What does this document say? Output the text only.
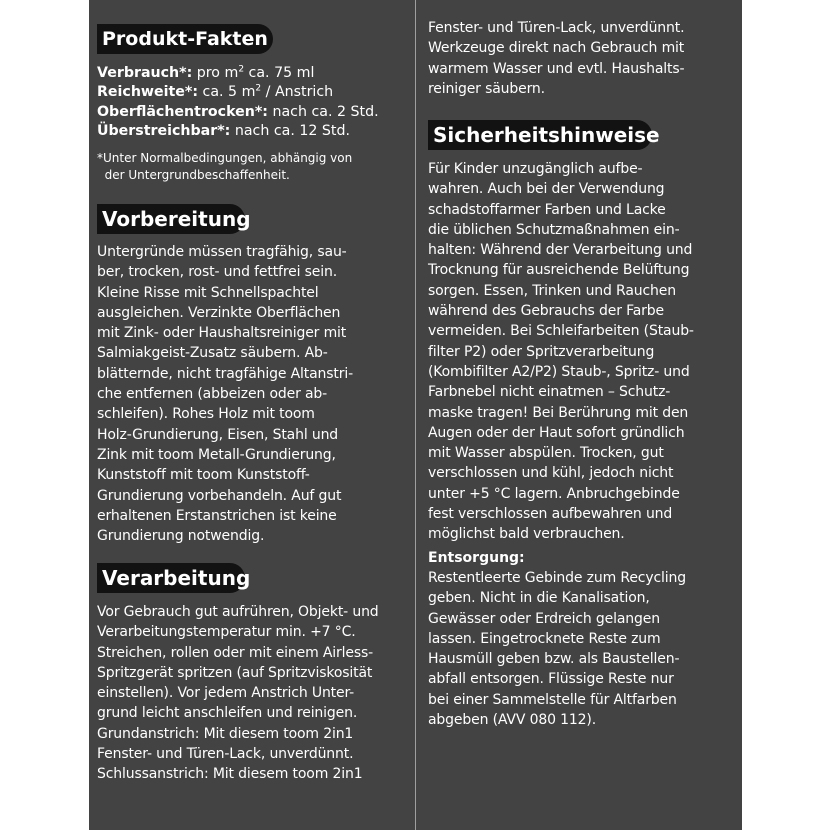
Produkt-Fakten
Verbrauch*: pro $m^2$ ca. 75 ml
Reichweite*: ca. 5 $m^2$ / Anstrich
Oberflächentrocken*: nach ca. 2 Std.
Überstreichbar*: nach ca. 12 Std.
*Unter Normalbedingungen, abhängig von
der Untergrundbeschaffenheit.
Vorbereitung
Untergründe müssen tragfähig, sau-
ber, trocken, rost- und fettfrei sein.
Kleine Risse mit Schnellspachtel
ausgleichen. Verzinkte Oberflächen
mit Zink- oder Haushaltsreiniger mit
Salmiakgeist-Zusatz säubern. Ab-
blätternde, nicht tragfähige Altanstri-
che entfernen (abbeizen oder ab-
schleifen). Rohes Holz mit toom
Holz-Grundierung, Eisen, Stahl und
Zink mit toom Metall-Grundierung,
Kunststoff mit toom Kunststoff-
Grundierung vorbehandeln. Auf gut
erhaltenen Erstanstrichen ist keine
Grundierung notwendig.
Verarbeitung
Vor Gebrauch gut aufrühren, Objekt- und
Verarbeitungstemperatur min. +7 °C.
Streichen, rollen oder mit einem Airless-
Spritzgerät spritzen (auf Spritzviskosität
einstellen). Vor jedem Anstrich Unter-
grund leicht anschleifen und reinigen.
Grundanstrich: Mit diesem toom 2in1
Fenster- und Türen-Lack, unverdünnt.
Schlussanstrich: Mit diesem toom 2in1
Fenster- und Türen-Lack, unverdünnt.
Werkzeuge direkt nach Gebrauch mit
warmem Wasser und evtl. Haushalts-
reiniger säubern.
Sicherheitshinweise
Für Kinder unzugänglich aufbe-
wahren. Auch bei der Verwendung
schadstoffarmer Farben und Lacke
die üblichen Schutzmaßnahmen ein-
halten: Während der Verarbeitung und
Trocknung für ausreichende Belüftung
sorgen. Essen, Trinken und Rauchen
während des Gebrauchs der Farbe
vermeiden. Bei Schleifarbeiten (Staub-
filter P2) oder Spritzverarbeitung
(Kombifilter A2/P2) Staub-, Spritz- und
Farbnebel nicht einatmen – Schutz-
maske tragen! Bei Berührung mit den
Augen oder der Haut sofort gründlich
mit Wasser abspülen. Trocken, gut
verschlossen und kühl, jedoch nicht
unter +5 °C lagern. Anbruchgebinde
fest verschlossen aufbewahren und
möglichst bald verbrauchen.
Entsorgung:
Restentleerte Gebinde zum Recycling
geben. Nicht in die Kanalisation,
Gewässer oder Erdreich gelangen
lassen. Eingetrocknete Reste zum
Hausmüll geben bzw. als Baustellen-
abfall entsorgen. Flüssige Reste nur
bei einer Sammelstelle für Altfarben
abgeben (AVV 080 112).
